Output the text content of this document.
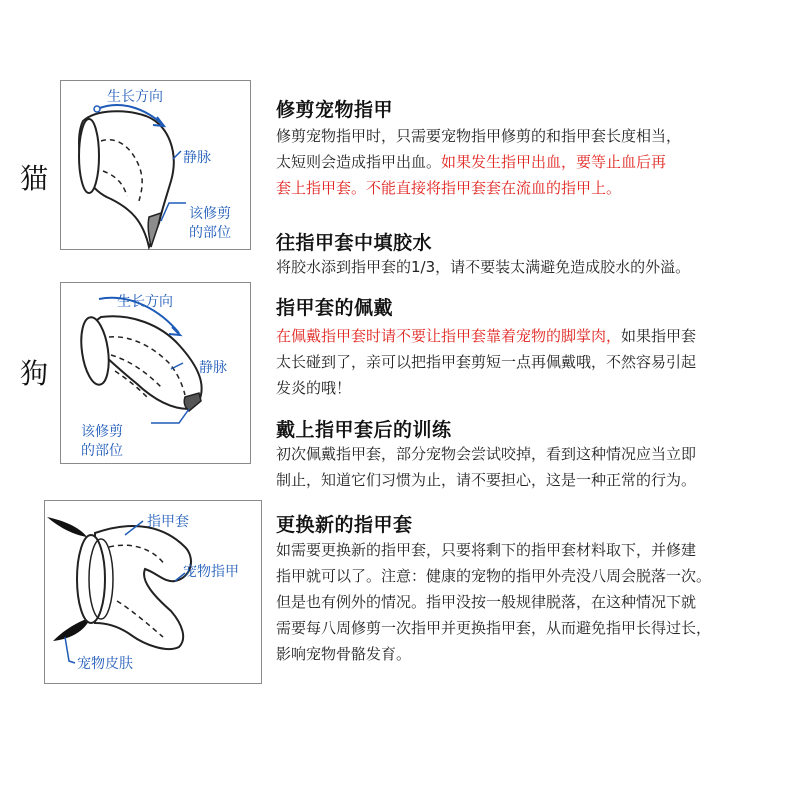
猫
狗
生长方向
静脉
该修剪
的部位
生长方向
静脉
该修剪
的部位
指甲套
宠物指甲
宠物皮肤
修剪宠物指甲
修剪宠物指甲时，只需要宠物指甲修剪的和指甲套长度相当，
太短则会造成指甲出血。如果发生指甲出血，要等止血后再
套上指甲套。不能直接将指甲套套在流血的指甲上。
往指甲套中填胶水
将胶水添到指甲套的1/3，请不要装太满避免造成胶水的外溢。
指甲套的佩戴
在佩戴指甲套时请不要让指甲套靠着宠物的脚掌肉，如果指甲套
太长碰到了，亲可以把指甲套剪短一点再佩戴哦，不然容易引起
发炎的哦！
戴上指甲套后的训练
初次佩戴指甲套，部分宠物会尝试咬掉，看到这种情况应当立即
制止，知道它们习惯为止，请不要担心，这是一种正常的行为。
更换新的指甲套
如需要更换新的指甲套，只要将剩下的指甲套材料取下，并修建
指甲就可以了。注意：健康的宠物的指甲外壳没八周会脱落一次。
但是也有例外的情况。指甲没按一般规律脱落，在这种情况下就
需要每八周修剪一次指甲并更换指甲套，从而避免指甲长得过长，
影响宠物骨骼发育。
